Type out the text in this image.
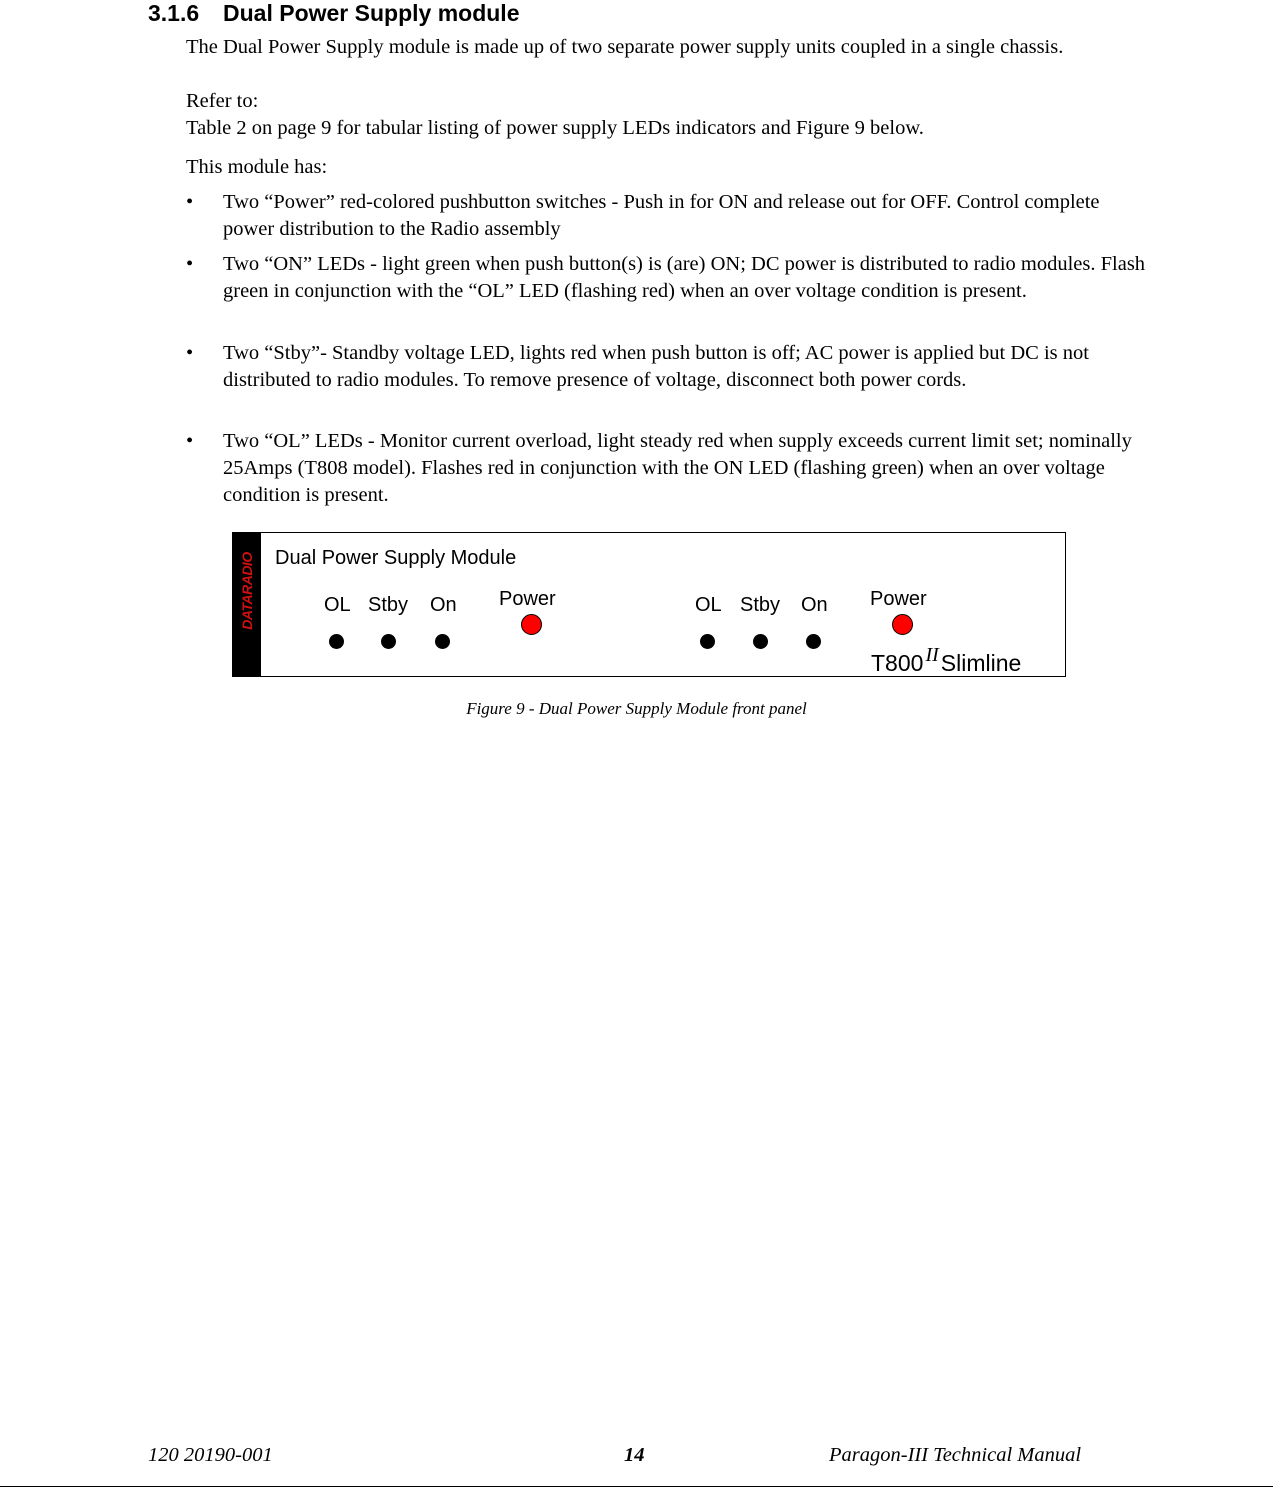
3.1.6 Dual Power Supply module
The Dual Power Supply module is made up of two separate power supply units coupled in a single chassis.
Refer to:
Table 2 on page 9 for tabular listing of power supply LEDs indicators and Figure 9 below.
This module has:
• Two “Power” red-colored pushbutton switches - Push in for ON and release out for OFF. Control complete power distribution to the Radio assembly
• Two “ON” LEDs - light green when push button(s) is (are) ON; DC power is distributed to radio modules. Flash green in conjunction with the “OL” LED (flashing red) when an over voltage condition is present.
• Two “Stby”- Standby voltage LED, lights red when push button is off; AC power is applied but DC is not distributed to radio modules. To remove presence of voltage, disconnect both power cords.
• Two “OL” LEDs - Monitor current overload, light steady red when supply exceeds current limit set; nominally 25Amps (T808 model). Flashes red in conjunction with the ON LED (flashing green) when an over voltage condition is present.
DATARADIO Dual Power Supply Module
OL Stby On Power	OL Stby On Power
T800 IISlimline
Figure 9 - Dual Power Supply Module front panel
120 20190-001	14	Paragon-III Technical Manual
